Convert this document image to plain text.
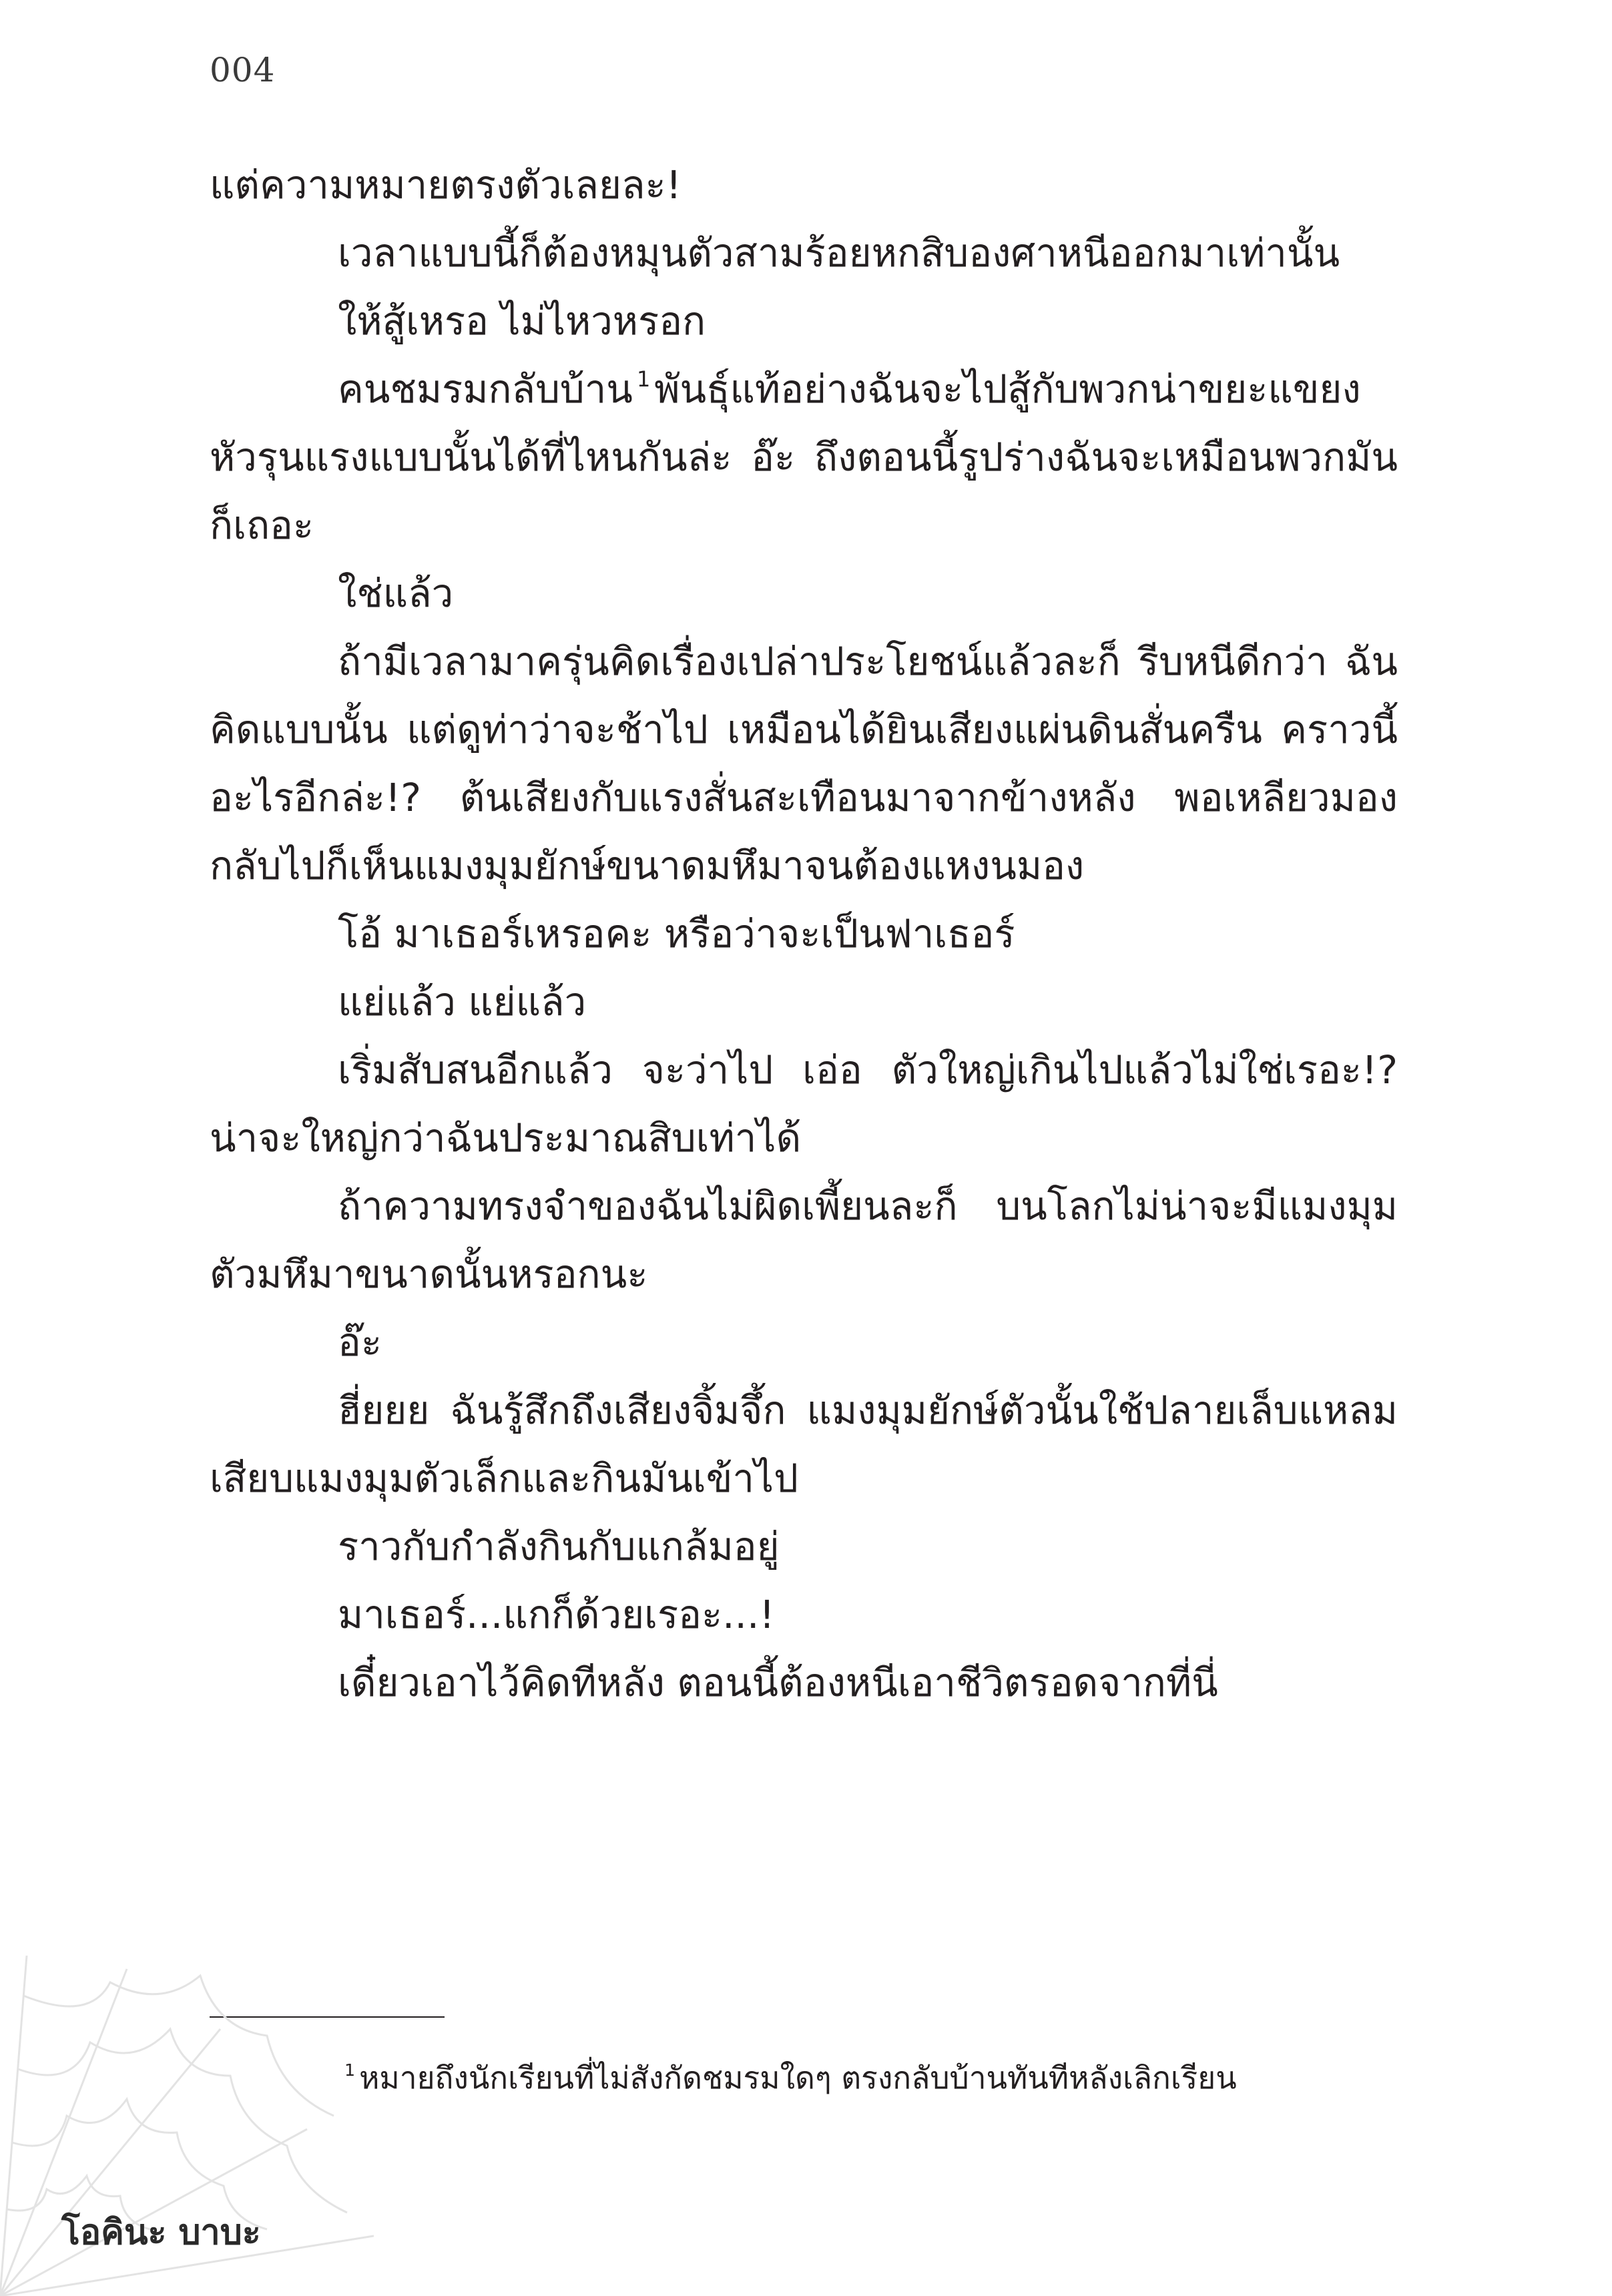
004

แต่ความหมายตรงตัวเลยละ!

เวลาแบบนี้ก็ต้องหมุนตัวสามร้อยหกสิบองศาหนีออกมาเท่านั้น

ให้สู้เหรอ ไม่ไหวหรอก

คนชมรมกลับบ้าน $^1$ พันธุ์แท้อย่างฉันจะไปสู้กับพวกน่าขยะแขยงหัวรุนแรงแบบนั้นได้ที่ไหนกันล่ะ อ๊ะ ถึงตอนนี้รูปร่างฉันจะเหมือนพวกมันก็เถอะ

ใช่แล้ว

ถ้ามีเวลามาครุ่นคิดเรื่องเปล่าประโยชน์แล้วละก็ รีบหนีดีกว่า ฉันคิดแบบนั้น แต่ดูท่าว่าจะช้าไป เหมือนได้ยินเสียงแผ่นดินสั่นครืน คราวนี้อะไรอีกล่ะ!? ต้นเสียงกับแรงสั่นสะเทือนมาจากข้างหลัง พอเหลียวมองกลับไปก็เห็นแมงมุมยักษ์ขนาดมหึมาจนต้องแหงนมอง

โอ้ มาเธอร์เหรอคะ หรือว่าจะเป็นฟาเธอร์

แย่แล้ว แย่แล้ว

เริ่มสับสนอีกแล้ว จะว่าไป เอ่อ ตัวใหญ่เกินไปแล้วไม่ใช่เรอะ!? น่าจะใหญ่กว่าฉันประมาณสิบเท่าได้

ถ้าความทรงจำของฉันไม่ผิดเพี้ยนละก็ บนโลกไม่น่าจะมีแมงมุมตัวมหึมาขนาดนั้นหรอกนะ

อ๊ะ

ฮี่ยยย ฉันรู้สึกถึงเสียงจิ้มจึ้ก แมงมุมยักษ์ตัวนั้นใช้ปลายเล็บแหลมเสียบแมงมุมตัวเล็กและกินมันเข้าไป

ราวกับกำลังกินกับแกล้มอยู่

มาเธอร์...แกก็ด้วยเรอะ...!

เดี๋ยวเอาไว้คิดทีหลัง ตอนนี้ต้องหนีเอาชีวิตรอดจากที่นี่

$^1$ หมายถึงนักเรียนที่ไม่สังกัดชมรมใดๆ ตรงกลับบ้านทันทีหลังเลิกเรียน
โอคินะ บาบะ
